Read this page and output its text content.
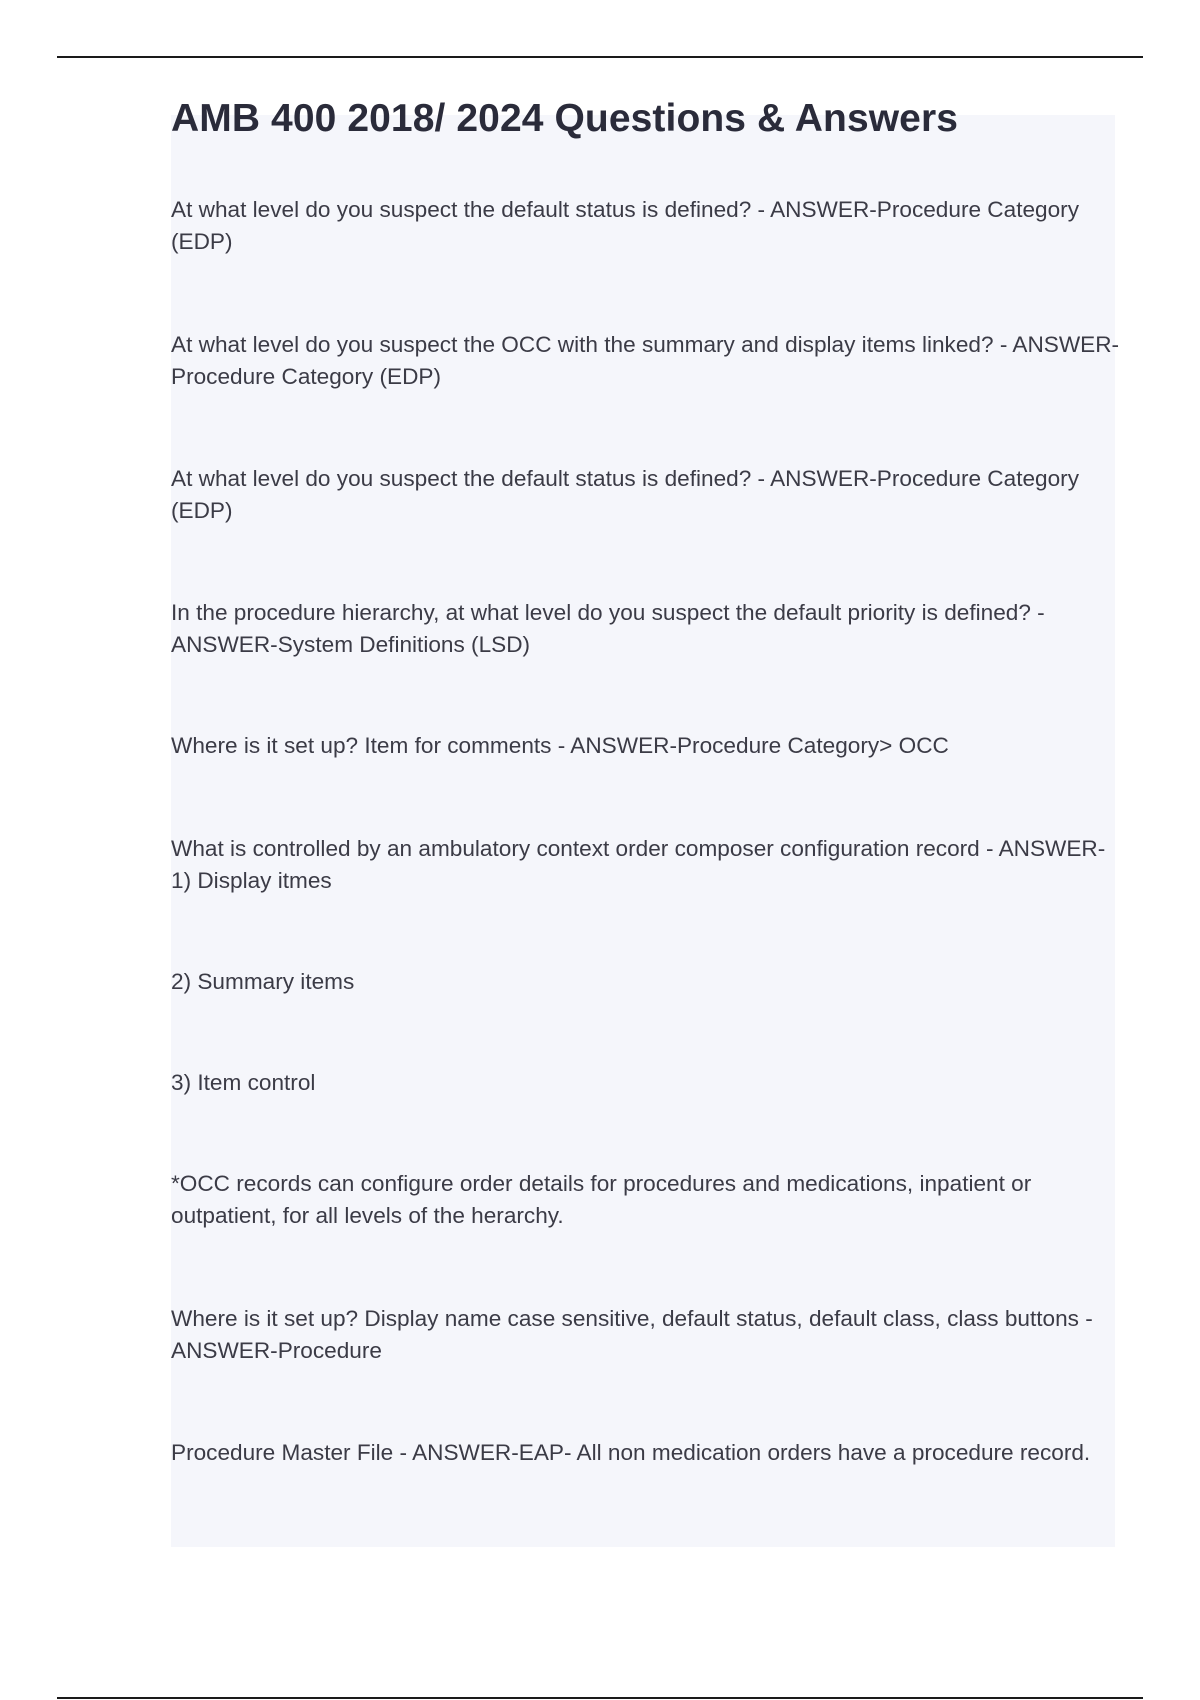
AMB 400 2018/ 2024 Questions & Answers

At what level do you suspect the default status is defined? - ANSWER-Procedure Category (EDP)

At what level do you suspect the OCC with the summary and display items linked? - ANSWER-Procedure Category (EDP)

At what level do you suspect the default status is defined? - ANSWER-Procedure Category (EDP)

In the procedure hierarchy, at what level do you suspect the default priority is defined? - ANSWER-System Definitions (LSD)

Where is it set up? Item for comments - ANSWER-Procedure Category> OCC

What is controlled by an ambulatory context order composer configuration record - ANSWER-1) Display itmes

2) Summary items

3) Item control

*OCC records can configure order details for procedures and medications, inpatient or outpatient, for all levels of the herarchy.

Where is it set up? Display name case sensitive, default status, default class, class buttons - ANSWER-Procedure

Procedure Master File - ANSWER-EAP- All non medication orders have a procedure record.
